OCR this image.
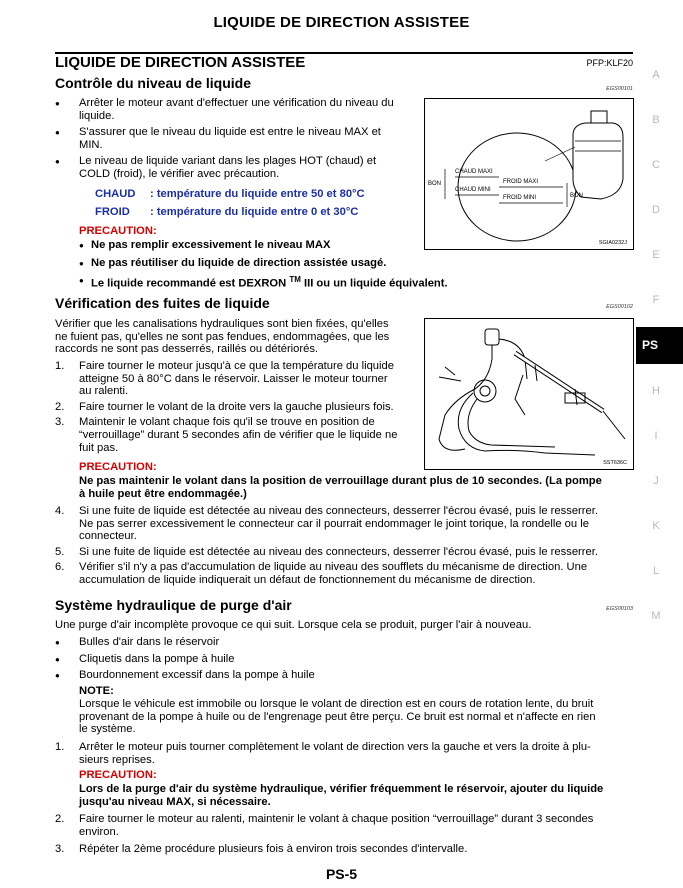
LIQUIDE DE DIRECTION ASSISTEE
LIQUIDE DE DIRECTION ASSISTEE	PFP:KLF20
Contrôle du niveau de liquide	EGS00101
● Arrêter le moteur avant d'effectuer une vérification du niveau du
liquide.
● S'assurer que le niveau du liquide est entre le niveau MAX et
MIN.
● Le niveau de liquide variant dans les plages HOT (chaud) et
COLD (froid), le vérifier avec précaution.
CHAUD : température du liquide entre 50 et 80°C
FROID : température du liquide entre 0 et 30°C
PRECAUTION:
● Ne pas remplir excessivement le niveau MAX
● Ne pas réutiliser du liquide de direction assistée usagé.
● Le liquide recommandé est DEXRON ™ III ou un liquide équivalent.
CHAUD MAXI
CHAUD MINI
FROID MAXI
FROID MINI
BON
BON
SGIA0232J
Vérification des fuites de liquide	EGS00102
Vérifier que les canalisations hydrauliques sont bien fixées, qu'elles
ne fuient pas, qu'elles ne sont pas fendues, endommagées, que les
raccords ne sont pas desserrés, raillés ou détériorés.
1. Faire tourner le moteur jusqu'à ce que la température du liquide
atteigne 50 à 80°C dans le réservoir. Laisser le moteur tourner
au ralenti.
2. Faire tourner le volant de la droite vers la gauche plusieurs fois.
3. Maintenir le volant chaque fois qu'il se trouve en position de
“verrouillage” durant 5 secondes afin de vérifier que le liquide ne
fuit pas.
PRECAUTION:
Ne pas maintenir le volant dans la position de verrouillage durant plus de 10 secondes. (La pompe
à huile peut être endommagée.)
4. Si une fuite de liquide est détectée au niveau des connecteurs, desserrer l'écrou évasé, puis le resserrer.
Ne pas serrer excessivement le connecteur car il pourrait endommager le joint torique, la rondelle ou le
connecteur.
5. Si une fuite de liquide est détectée au niveau des connecteurs, desserrer l'écrou évasé, puis le resserrer.
6. Vérifier s'il n'y a pas d'accumulation de liquide au niveau des soufflets du mécanisme de direction. Une
accumulation de liquide indiquerait un défaut de fonctionnement du mécanisme de direction.
SST636C
Système hydraulique de purge d'air	EGS00103
Une purge d'air incomplète provoque ce qui suit. Lorsque cela se produit, purger l'air à nouveau.
● Bulles d'air dans le réservoir
● Cliquetis dans la pompe à huile
● Bourdonnement excessif dans la pompe à huile
NOTE:
Lorsque le véhicule est immobile ou lorsque le volant de direction est en cours de rotation lente, du bruit
provenant de la pompe à huile ou de l'engrenage peut être perçu. Ce bruit est normal et n'affecte en rien
le système.
1. Arrêter le moteur puis tourner complètement le volant de direction vers la gauche et vers la droite à plu-
sieurs reprises.
PRECAUTION:
Lors de la purge d'air du système hydraulique, vérifier fréquemment le réservoir, ajouter du liquide
jusqu'au niveau MAX, si nécessaire.
2. Faire tourner le moteur au ralenti, maintenir le volant à chaque position “verrouillage” durant 3 secondes
environ.
3. Répéter la 2ème procédure plusieurs fois à environ trois secondes d'intervalle.
A
B
C
D
E
F
PS
H
I
J
K
L
M
PS-5
